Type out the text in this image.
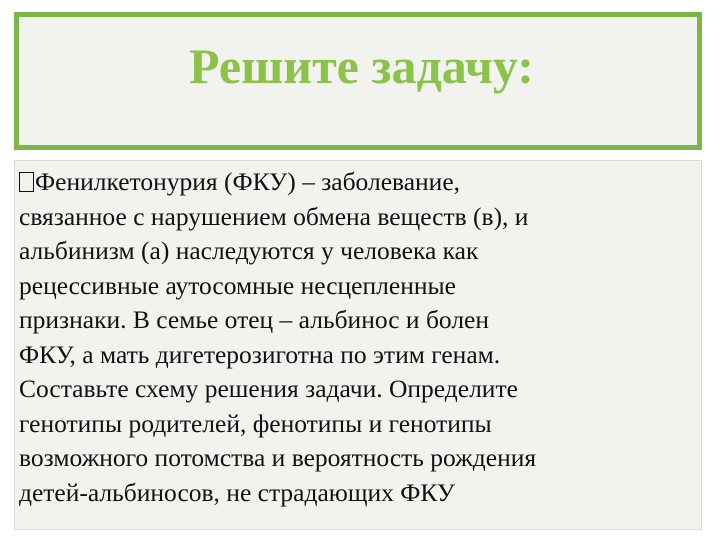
Решите задачу:

Фенилкетонурия (ФКУ) – заболевание,
связанное с нарушением обмена веществ (в), и
альбинизм (а) наследуются у человека как
рецессивные аутосомные несцепленные
признаки. В семье отец – альбинос и болен
ФКУ, а мать дигетерозиготна по этим генам.
Составьте схему решения задачи. Определите
генотипы родителей, фенотипы и генотипы
возможного потомства и вероятность рождения
детей-альбиносов, не страдающих ФКУ
